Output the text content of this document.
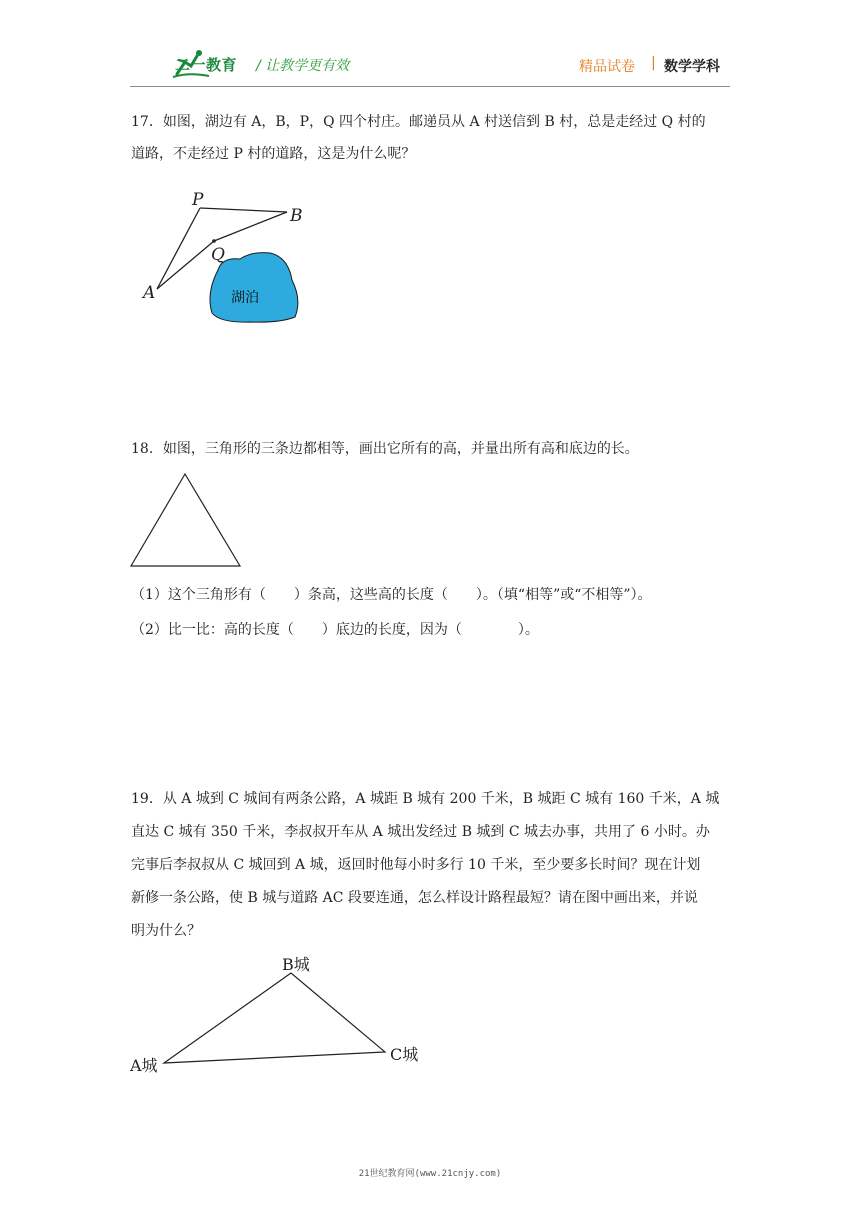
二一教育 / 让教学更有效	精品试卷 | 数学学科
17．如图，湖边有 A，B，P，Q 四个村庄。邮递员从 A 村送信到 B 村，总是走经过 Q 村的
道路，不走经过 P 村的道路，这是为什么呢？
湖泊
P
B
Q
A
18．如图，三角形的三条边都相等，画出它所有的高，并量出所有高和底边的长。
（1）这个三角形有（　　）条高，这些高的长度（　　）。（填“相等”或“不相等”）。
（2）比一比：高的长度（　　）底边的长度，因为（　　　　）。
19．从 A 城到 C 城间有两条公路，A 城距 B 城有 200 千米，B 城距 C 城有 160 千米，A 城
直达 C 城有 350 千米，李叔叔开车从 A 城出发经过 B 城到 C 城去办事，共用了 6 小时。办
完事后李叔叔从 C 城回到 A 城，返回时他每小时多行 10 千米，至少要多长时间？现在计划
新修一条公路，使 B 城与道路 AC 段要连通，怎么样设计路程最短？请在图中画出来，并说
明为什么？
B城
A城
C城
21世纪教育网(www.21cnjy.com)
